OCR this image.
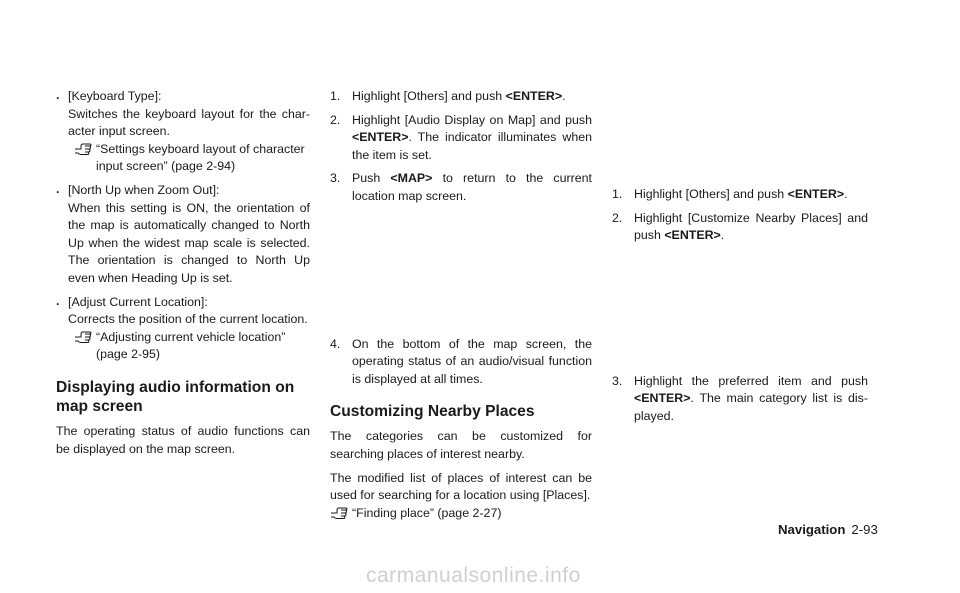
. [Keyboard Type]:

Switches the keyboard layout for the char-acter input screen.

“Settings keyboard layout of character input screen” (page 2-94)

. [North Up when Zoom Out]:

When this setting is ON, the orientation of the map is automatically changed to North Up when the widest map scale is selected. The orientation is changed to North Up even when Heading Up is set.

. [Adjust Current Location]:

Corrects the position of the current location.

“Adjusting current vehicle location” (page 2-95)

Displaying audio information on map screen

The operating status of audio functions can be displayed on the map screen.

1. Highlight [Others] and push <ENTER>.

2. Highlight [Audio Display on Map] and push <ENTER>. The indicator illuminates when the item is set.

3. Push <MAP> to return to the current location map screen.

4. On the bottom of the map screen, the operating status of an audio/visual function is displayed at all times.

Customizing Nearby Places

The categories can be customized for searching places of interest nearby.

The modified list of places of interest can be used for searching for a location using [Places].

“Finding place” (page 2-27)

1. Highlight [Others] and push <ENTER>.

2. Highlight [Customize Nearby Places] and push <ENTER>.

3. Highlight the preferred item and push <ENTER>. The main category list is dis-played.

Navigation 2-93
carmanualsonline.info
